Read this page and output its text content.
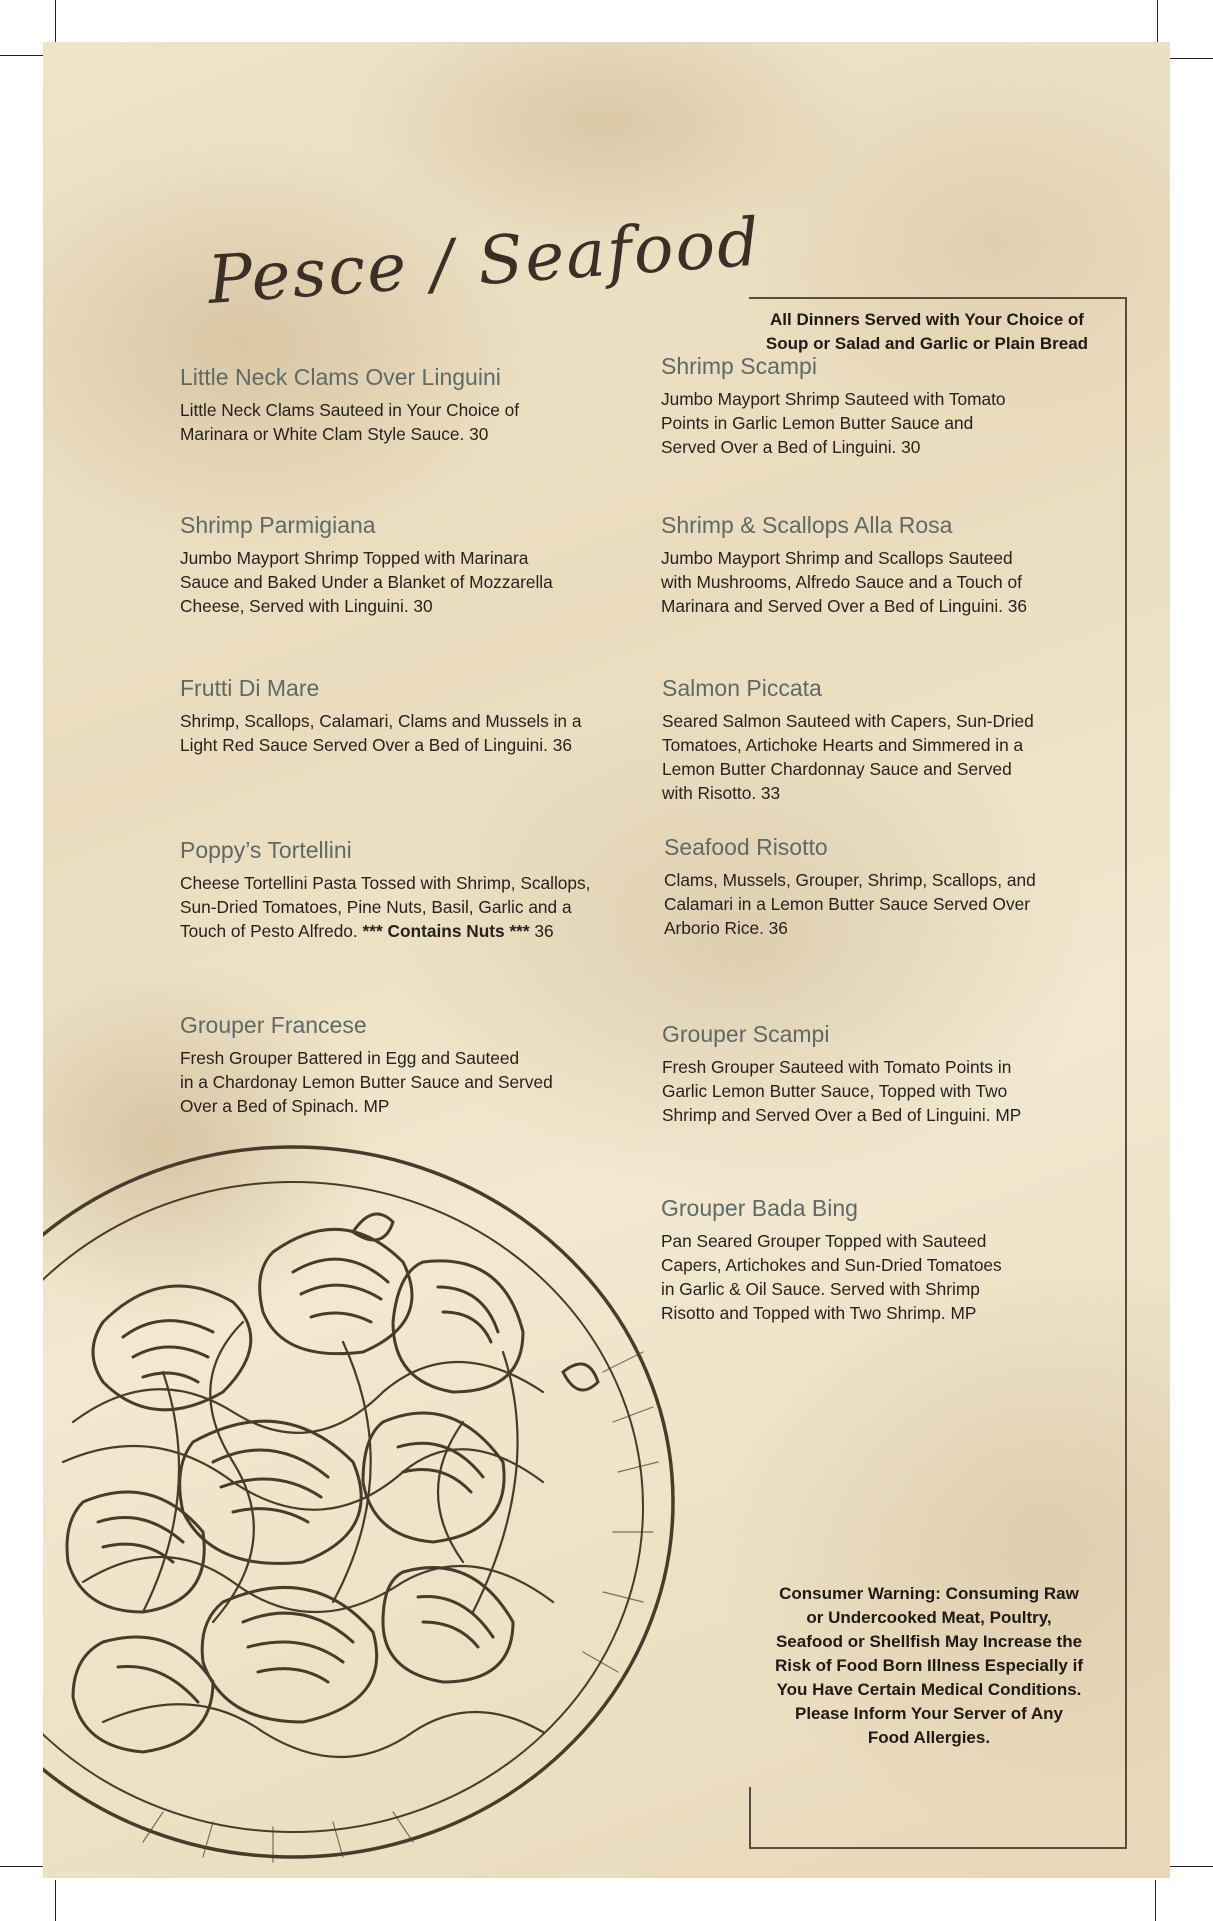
Pesce / Seafood
All Dinners Served with Your Choice of
Soup or Salad and Garlic or Plain Bread
Little Neck Clams Over Linguini
Little Neck Clams Sauteed in Your Choice of
Marinara or White Clam Style Sauce. 30
Shrimp Parmigiana
Jumbo Mayport Shrimp Topped with Marinara
Sauce and Baked Under a Blanket of Mozzarella
Cheese, Served with Linguini. 30
Frutti Di Mare
Shrimp, Scallops, Calamari, Clams and Mussels in a
Light Red Sauce Served Over a Bed of Linguini. 36
Poppy’s Tortellini
Cheese Tortellini Pasta Tossed with Shrimp, Scallops,
Sun-Dried Tomatoes, Pine Nuts, Basil, Garlic and a
Touch of Pesto Alfredo. *** Contains Nuts *** 36
Grouper Francese
Fresh Grouper Battered in Egg and Sauteed
in a Chardonay Lemon Butter Sauce and Served
Over a Bed of Spinach. MP
Shrimp Scampi
Jumbo Mayport Shrimp Sauteed with Tomato
Points in Garlic Lemon Butter Sauce and
Served Over a Bed of Linguini. 30
Shrimp & Scallops Alla Rosa
Jumbo Mayport Shrimp and Scallops Sauteed
with Mushrooms, Alfredo Sauce and a Touch of
Marinara and Served Over a Bed of Linguini. 36
Salmon Piccata
Seared Salmon Sauteed with Capers, Sun-Dried
Tomatoes, Artichoke Hearts and Simmered in a
Lemon Butter Chardonnay Sauce and Served
with Risotto. 33
Seafood Risotto
Clams, Mussels, Grouper, Shrimp, Scallops, and
Calamari in a Lemon Butter Sauce Served Over
Arborio Rice. 36
Grouper Scampi
Fresh Grouper Sauteed with Tomato Points in
Garlic Lemon Butter Sauce, Topped with Two
Shrimp and Served Over a Bed of Linguini. MP
Grouper Bada Bing
Pan Seared Grouper Topped with Sauteed
Capers, Artichokes and Sun-Dried Tomatoes
in Garlic & Oil Sauce. Served with Shrimp
Risotto and Topped with Two Shrimp. MP
Consumer Warning: Consuming Raw
or Undercooked Meat, Poultry,
Seafood or Shellfish May Increase the
Risk of Food Born Illness Especially if
You Have Certain Medical Conditions.
Please Inform Your Server of Any
Food Allergies.
